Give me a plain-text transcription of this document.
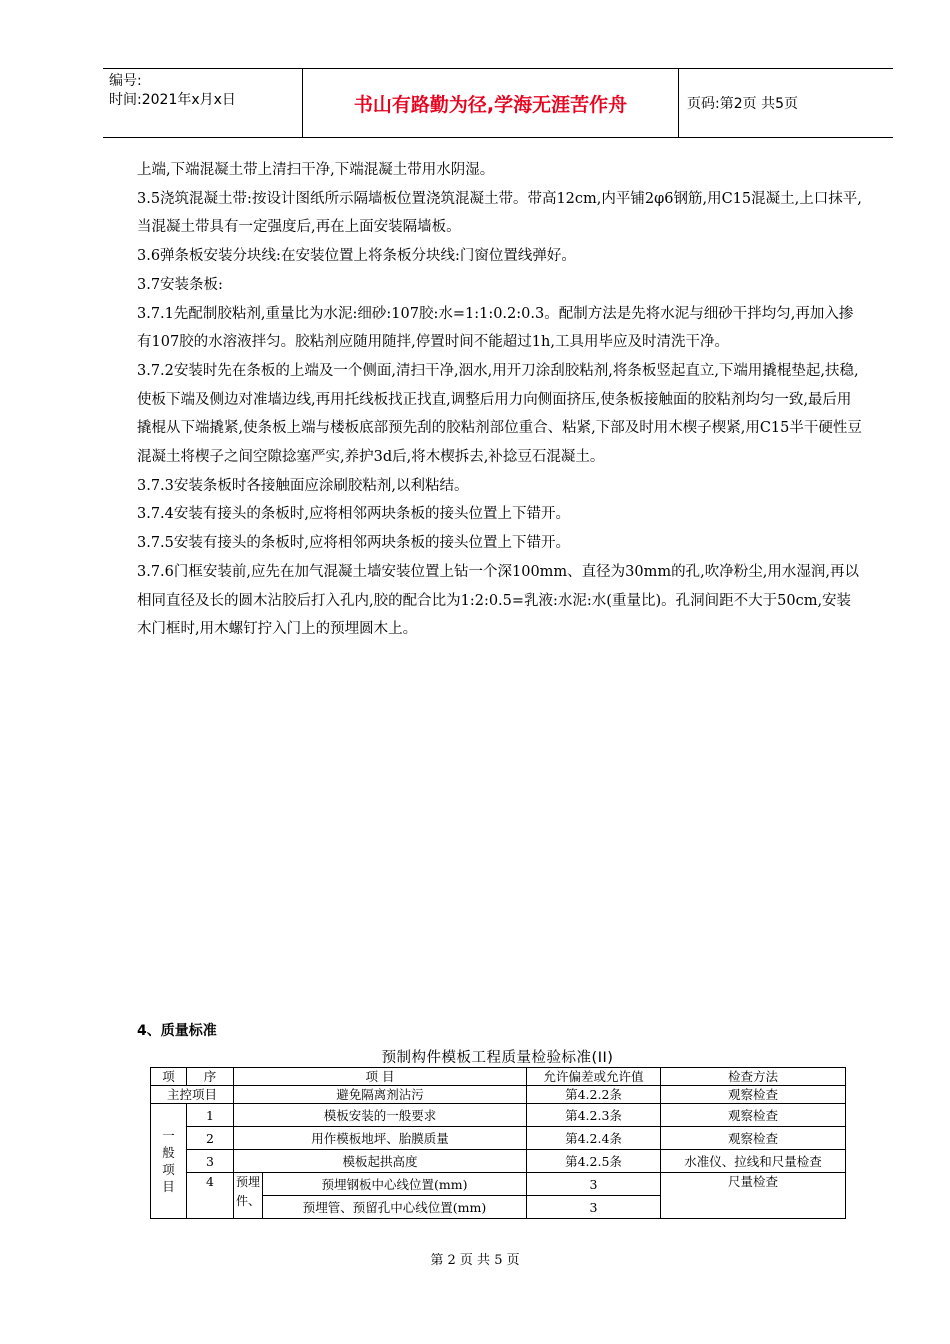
编号:
时间:2021年x月x日	书山有路勤为径,学海无涯苦作舟	页码:第2页 共5页

上端,下端混凝土带上清扫干净,下端混凝土带用水阴湿。

3.5浇筑混凝土带:按设计图纸所示隔墙板位置浇筑混凝土带。带高12cm,内平铺2φ6钢筋,用C15混凝土,上口抹平,当混凝土带具有一定强度后,再在上面安装隔墙板。

3.6弹条板安装分块线:在安装位置上将条板分块线:门窗位置线弹好。

3.7安装条板:

3.7.1先配制胶粘剂,重量比为水泥:细砂:107胶:水=1:1:0.2:0.3。配制方法是先将水泥与细砂干拌均匀,再加入掺有107胶的水溶液拌匀。胶粘剂应随用随拌,停置时间不能超过1h,工具用毕应及时清洗干净。

3.7.2安装时先在条板的上端及一个侧面,清扫干净,洇水,用开刀涂刮胶粘剂,将条板竖起直立,下端用撬棍垫起,扶稳,使板下端及侧边对准墙边线,再用托线板找正找直,调整后用力向侧面挤压,使条板接触面的胶粘剂均匀一致,最后用撬棍从下端撬紧,使条板上端与楼板底部预先刮的胶粘剂部位重合、粘紧,下部及时用木楔子楔紧,用C15半干硬性豆混凝土将楔子之间空隙捻塞严实,养护3d后,将木楔拆去,补捻豆石混凝土。

3.7.3安装条板时各接触面应涂刷胶粘剂,以利粘结。

3.7.4安装有接头的条板时,应将相邻两块条板的接头位置上下错开。

3.7.5安装有接头的条板时,应将相邻两块条板的接头位置上下错开。

3.7.6门框安装前,应先在加气混凝土墙安装位置上钻一个深100mm、直径为30mm的孔,吹净粉尘,用水湿润,再以相同直径及长的圆木沾胶后打入孔内,胶的配合比为1:2:0.5=乳液:水泥:水(重量比)。孔洞间距不大于50cm,安装木门框时,用木螺钉拧入门上的预埋圆木上。

4、质量标准
预制构件模板工程质量检验标准(II)
项	序	项 目		允许偏差或允许值	检查方法
主控项目		避免隔离剂沾污		第4.2.2条	观察检查

一
般
项
目	1	模板安装的一般要求		第4.2.3条	观察检查
	2	用作模板地坪、胎膜质量		第4.2.4条	观察检查
	3	模板起拱高度		第4.2.5条	水准仪、拉线和尺量检查
	4	预埋件、	预埋钢板中心线位置(mm)	3	尺量检查
			预埋管、预留孔中心线位置(mm)	3	
第 2 页 共 5 页
